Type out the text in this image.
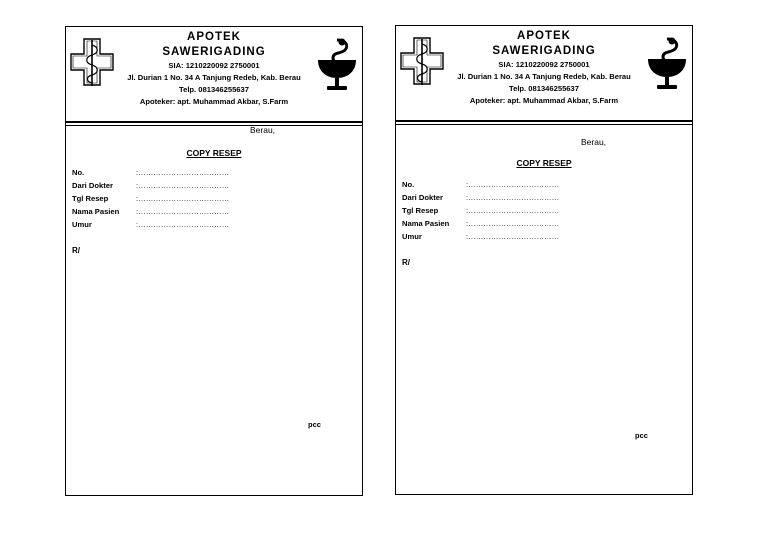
APOTEK
SAWERIGADING
SIA: 1210220092 2750001
Jl. Durian 1 No. 34 A Tanjung Redeb, Kab. Berau
Telp. 081346255637
Apoteker: apt. Muhammad Akbar, S.Farm
Berau,
COPY RESEP
No.	:………………………………
Dari Dokter	:………………………………
Tgl Resep	:………………………………
Nama Pasien	:………………………………
Umur	:………………………………
R/
pcc
APOTEK
SAWERIGADING
SIA: 1210220092 2750001
Jl. Durian 1 No. 34 A Tanjung Redeb, Kab. Berau
Telp. 081346255637
Apoteker: apt. Muhammad Akbar, S.Farm
Berau,
COPY RESEP
No.	:………………………………
Dari Dokter	:………………………………
Tgl Resep	:………………………………
Nama Pasien	:………………………………
Umur	:………………………………
R/
pcc
